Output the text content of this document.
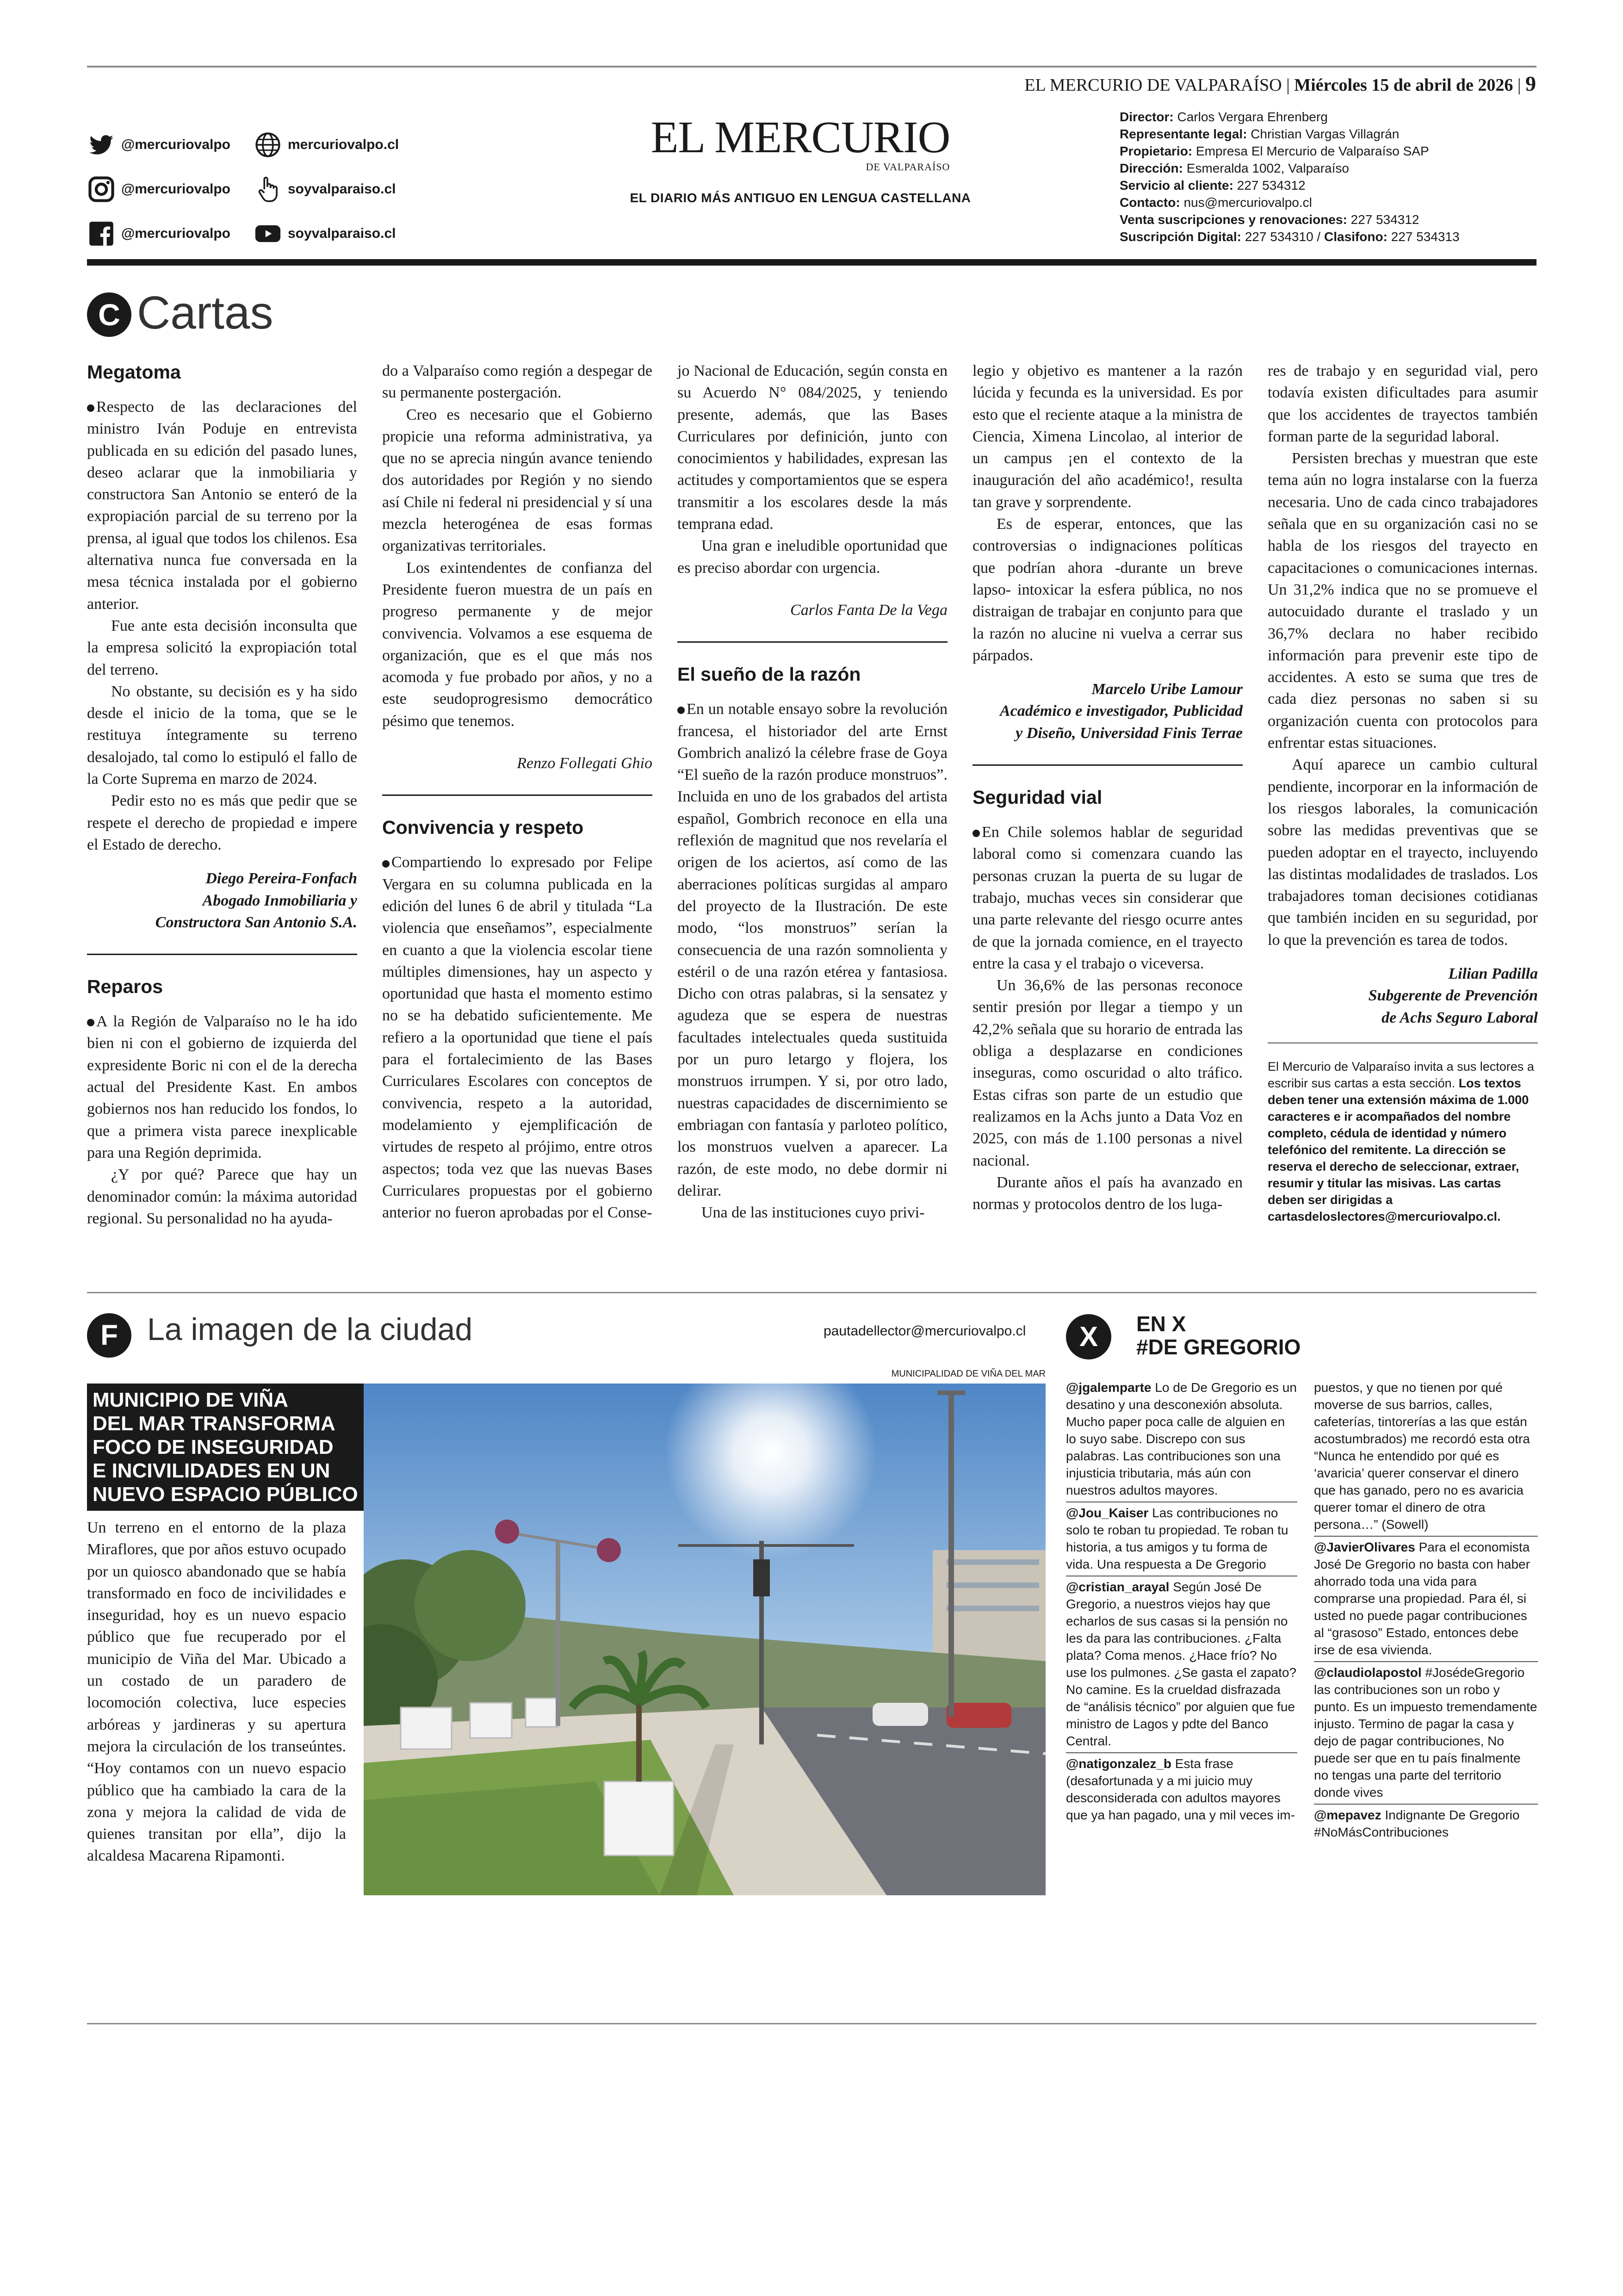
EL MERCURIO DE VALPARAÍSO | Miércoles 15 de abril de 2026 | 9
@mercuriovalpo
@mercuriovalpo
@mercuriovalpo
mercuriovalpo.cl
soyvalparaiso.cl
soyvalparaiso.cl
EL MERCURIO
DE VALPARAÍSO
EL DIARIO MÁS ANTIGUO EN LENGUA CASTELLANA
Director: Carlos Vergara Ehrenberg
Representante legal: Christian Vargas Villagrán
Propietario: Empresa El Mercurio de Valparaíso SAP
Dirección: Esmeralda 1002, Valparaíso
Servicio al cliente: 227 534312
Contacto: nus@mercuriovalpo.cl
Venta suscripciones y renovaciones: 227 534312
Suscripción Digital: 227 534310 / Clasifono: 227 534313
C Cartas
Megatoma

Respecto de las declaraciones del ministro Iván Poduje en entrevista publicada en su edición del pasado lunes, deseo aclarar que la inmobiliaria y constructora San Antonio se enteró de la expropiación parcial de su terreno por la prensa, al igual que todos los chilenos. Esa alternativa nunca fue conversada en la mesa técnica instalada por el gobierno anterior.

Fue ante esta decisión inconsulta que la empresa solicitó la expropiación total del terreno.

No obstante, su decisión es y ha sido desde el inicio de la toma, que se le restituya íntegramente su terreno desalojado, tal como lo estipuló el fallo de la Corte Suprema en marzo de 2024.

Pedir esto no es más que pedir que se respete el derecho de propiedad e impere el Estado de derecho.

Diego Pereira-Fonfach
Abogado Inmobiliaria y
Constructora San Antonio S.A.
Reparos

A la Región de Valparaíso no le ha ido bien ni con el gobierno de izquierda del expresidente Boric ni con el de la derecha actual del Presidente Kast. En ambos gobiernos nos han reducido los fondos, lo que a primera vista parece inexplicable para una Región deprimida.

¿Y por qué? Parece que hay un denominador común: la máxima autoridad regional. Su personalidad no ha ayuda-

do a Valparaíso como región a despegar de su permanente postergación.

Creo es necesario que el Gobierno propicie una reforma administrativa, ya que no se aprecia ningún avance teniendo dos autoridades por Región y no siendo así Chile ni federal ni presidencial y sí una mezcla heterogénea de esas formas organizativas territoriales.

Los exintendentes de confianza del Presidente fueron muestra de un país en progreso permanente y de mejor convivencia. Volvamos a ese esquema de organización, que es el que más nos acomoda y fue probado por años, y no a este seudoprogresismo democrático pésimo que tenemos.

Renzo Follegati Ghio
Convivencia y respeto

Compartiendo lo expresado por Felipe Vergara en su columna publicada en la edición del lunes 6 de abril y titulada “La violencia que enseñamos”, especialmente en cuanto a que la violencia escolar tiene múltiples dimensiones, hay un aspecto y oportunidad que hasta el momento estimo no se ha debatido suficientemente. Me refiero a la oportunidad que tiene el país para el fortalecimiento de las Bases Curriculares Escolares con conceptos de convivencia, respeto a la autoridad, modelamiento y ejemplificación de virtudes de respeto al prójimo, entre otros aspectos; toda vez que las nuevas Bases Curriculares propuestas por el gobierno anterior no fueron aprobadas por el Conse-

jo Nacional de Educación, según consta en su Acuerdo N° 084/2025, y teniendo presente, además, que las Bases Curriculares por definición, junto con conocimientos y habilidades, expresan las actitudes y comportamientos que se espera transmitir a los escolares desde la más temprana edad.

Una gran e ineludible oportunidad que es preciso abordar con urgencia.

Carlos Fanta De la Vega
El sueño de la razón

En un notable ensayo sobre la revolución francesa, el historiador del arte Ernst Gombrich analizó la célebre frase de Goya “El sueño de la razón produce monstruos”. Incluida en uno de los grabados del artista español, Gombrich reconoce en ella una reflexión de magnitud que nos revelaría el origen de los aciertos, así como de las aberraciones políticas surgidas al amparo del proyecto de la Ilustración. De este modo, “los monstruos” serían la consecuencia de una razón somnolienta y estéril o de una razón etérea y fantasiosa. Dicho con otras palabras, si la sensatez y agudeza que se espera de nuestras facultades intelectuales queda sustituida por un puro letargo y flojera, los monstruos irrumpen. Y si, por otro lado, nuestras capacidades de discernimiento se embriagan con fantasía y parloteo político, los monstruos vuelven a aparecer. La razón, de este modo, no debe dormir ni delirar.

Una de las instituciones cuyo privi-

legio y objetivo es mantener a la razón lúcida y fecunda es la universidad. Es por esto que el reciente ataque a la ministra de Ciencia, Ximena Lincolao, al interior de un campus ¡en el contexto de la inauguración del año académico!, resulta tan grave y sorprendente.

Es de esperar, entonces, que las controversias o indignaciones políticas que podrían ahora -durante un breve lapso- intoxicar la esfera pública, no nos distraigan de trabajar en conjunto para que la razón no alucine ni vuelva a cerrar sus párpados.

Marcelo Uribe Lamour
Académico e investigador, Publicidad
y Diseño, Universidad Finis Terrae
Seguridad vial

En Chile solemos hablar de seguridad laboral como si comenzara cuando las personas cruzan la puerta de su lugar de trabajo, muchas veces sin considerar que una parte relevante del riesgo ocurre antes de que la jornada comience, en el trayecto entre la casa y el trabajo o viceversa.

Un 36,6% de las personas reconoce sentir presión por llegar a tiempo y un 42,2% señala que su horario de entrada las obliga a desplazarse en condiciones inseguras, como oscuridad o alto tráfico. Estas cifras son parte de un estudio que realizamos en la Achs junto a Data Voz en 2025, con más de 1.100 personas a nivel nacional.

Durante años el país ha avanzado en normas y protocolos dentro de los luga-

res de trabajo y en seguridad vial, pero todavía existen dificultades para asumir que los accidentes de trayectos también forman parte de la seguridad laboral.

Persisten brechas y muestran que este tema aún no logra instalarse con la fuerza necesaria. Uno de cada cinco trabajadores señala que en su organización casi no se habla de los riesgos del trayecto en capacitaciones o comunicaciones internas. Un 31,2% indica que no se promueve el autocuidado durante el traslado y un 36,7% declara no haber recibido información para prevenir este tipo de accidentes. A esto se suma que tres de cada diez personas no saben si su organización cuenta con protocolos para enfrentar estas situaciones.

Aquí aparece un cambio cultural pendiente, incorporar en la información de los riesgos laborales, la comunicación sobre las medidas preventivas que se pueden adoptar en el trayecto, incluyendo las distintas modalidades de traslados. Los trabajadores toman decisiones cotidianas que también inciden en su seguridad, por lo que la prevención es tarea de todos.

Lilian Padilla
Subgerente de Prevención
de Achs Seguro Laboral
El Mercurio de Valparaíso invita a sus lectores a escribir sus cartas a esta sección. Los textos deben tener una extensión máxima de 1.000 caracteres e ir acompañados del nombre completo, cédula de identidad y número telefónico del remitente. La dirección se reserva el derecho de seleccionar, extraer, resumir y titular las misivas. Las cartas deben ser dirigidas a cartasdeloslectores@mercuriovalpo.cl.
F La imagen de la ciudad	pautadellector@mercuriovalpo.cl
MUNICIPIO DE VIÑA
DEL MAR TRANSFORMA
FOCO DE INSEGURIDAD
E INCIVILIDADES EN UN
NUEVO ESPACIO PÚBLICO
Un terreno en el entorno de la plaza Miraflores, que por años estuvo ocupado por un quiosco abandonado que se había transformado en foco de incivilidades e inseguridad, hoy es un nuevo espacio público que fue recuperado por el municipio de Viña del Mar. Ubicado a un costado de un paradero de locomoción colectiva, luce especies arbóreas y jardineras y su apertura mejora la circulación de los transeúntes. “Hoy contamos con un nuevo espacio público que ha cambiado la cara de la zona y mejora la calidad de vida de quienes transitan por ella”, dijo la alcaldesa Macarena Ripamonti.
MUNICIPALIDAD DE VIÑA DEL MAR
X	EN X
#DE GREGORIO
@jgalemparte Lo de De Gregorio es un desatino y una desconexión absoluta. Mucho paper poca calle de alguien en lo suyo sabe. Discrepo con sus palabras. Las contribuciones son una injusticia tributaria, más aún con nuestros adultos mayores.
@Jou_Kaiser Las contribuciones no solo te roban tu propiedad. Te roban tu historia, a tus amigos y tu forma de vida. Una respuesta a De Gregorio
@cristian_arayal Según José De Gregorio, a nuestros viejos hay que echarlos de sus casas si la pensión no les da para las contribuciones. ¿Falta plata? Coma menos. ¿Hace frío? No use los pulmones. ¿Se gasta el zapato? No camine. Es la crueldad disfrazada de “análisis técnico” por alguien que fue ministro de Lagos y pdte del Banco Central.
@natigonzalez_b Esta frase (desafortunada y a mi juicio muy desconsiderada con adultos mayores que ya han pagado, una y mil veces im-
puestos, y que no tienen por qué moverse de sus barrios, calles, cafeterías, tintorerías a las que están acostumbrados) me recordó esta otra “Nunca he entendido por qué es ‘avaricia’ querer conservar el dinero que has ganado, pero no es avaricia querer tomar el dinero de otra persona…” (Sowell)
@JavierOlivares Para el economista José De Gregorio no basta con haber ahorrado toda una vida para comprarse una propiedad. Para él, si usted no puede pagar contribuciones al “grasoso” Estado, entonces debe irse de esa vivienda.
@claudiolapostol #JosédeGregorio las contribuciones son un robo y punto. Es un impuesto tremendamente injusto. Termino de pagar la casa y dejo de pagar contribuciones, No puede ser que en tu país finalmente no tengas una parte del territorio donde vives
@mepavez Indignante De Gregorio #NoMásContribuciones
